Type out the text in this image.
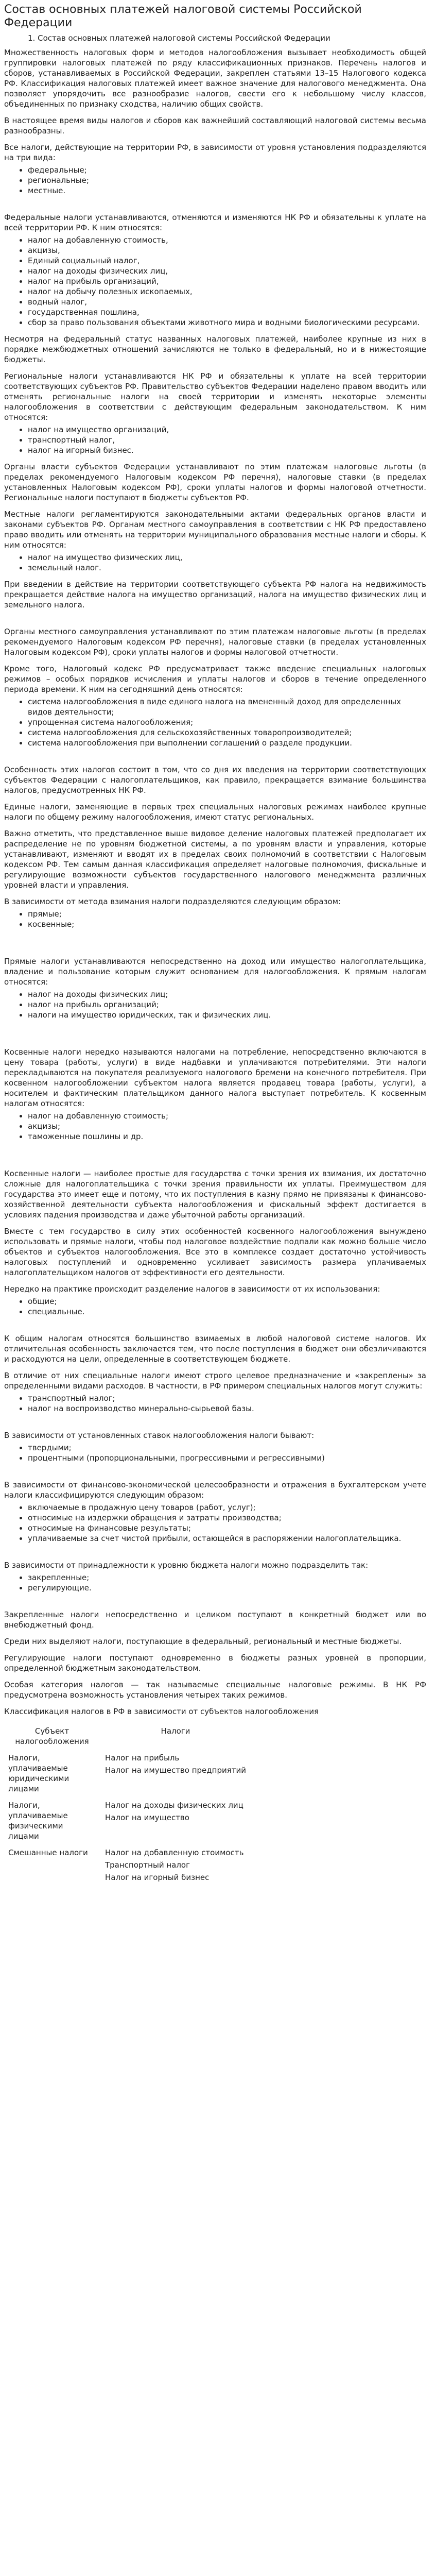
Состав основных платежей налоговой системы Российской Федерации
1. Состав основных платежей налоговой системы Российской Федерации

Множественность налоговых форм и методов налогообложения вызывает необходимость общей группировки налоговых платежей по ряду классификационных признаков. Перечень налогов и сборов, устанавливаемых в Российской Федерации, закреплен статьями 13–15 Налогового кодекса РФ. Классификация налоговых платежей имеет важное значение для налогового менеджмента. Она позволяет упорядочить все разнообразие налогов, свести его к небольшому числу классов, объединенных по признаку сходства, наличию общих свойств.

В настоящее время виды налогов и сборов как важнейший составляющий налоговой системы весьма разнообразны.

Все налоги, действующие на территории РФ, в зависимости от уровня установления подразделяются на три вида:

• федеральные;
• региональные;
• местные.

Федеральные налоги устанавливаются, отменяются и изменяются НК РФ и обязательны к уплате на всей территории РФ. К ним относятся:

• налог на добавленную стоимость,
• акцизы,
• Единый социальный налог,
• налог на доходы физических лиц,
• налог на прибыль организаций,
• налог на добычу полезных ископаемых,
• водный налог,
• государственная пошлина,
• сбор за право пользования объектами животного мира и водными биологическими ресурсами.

Несмотря на федеральный статус названных налоговых платежей, наиболее крупные из них в порядке межбюджетных отношений зачисляются не только в федеральный, но и в нижестоящие бюджеты.

Региональные налоги устанавливаются НК РФ и обязательны к уплате на всей территории соответствующих субъектов РФ. Правительство субъектов Федерации наделено правом вводить или отменять региональные налоги на своей территории и изменять некоторые элементы налогообложения в соответствии с действующим федеральным законодательством. К ним относятся:

• налог на имущество организаций,
• транспортный налог,
• налог на игорный бизнес.

Органы власти субъектов Федерации устанавливают по этим платежам налоговые льготы (в пределах рекомендуемого Налоговым кодексом РФ перечня), налоговые ставки (в пределах установленных Налоговым кодексом РФ), сроки уплаты налогов и формы налоговой отчетности. Региональные налоги поступают в бюджеты субъектов РФ.

Местные налоги регламентируются законодательными актами федеральных органов власти и законами субъектов РФ. Органам местного самоуправления в соответствии с НК РФ предоставлено право вводить или отменять на территории муниципального образования местные налоги и сборы. К ним относятся:

• налог на имущество физических лиц,
• земельный налог.

При введении в действие на территории соответствующего субъекта РФ налога на недвижимость прекращается действие налога на имущество организаций, налога на имущество физических лиц и земельного налога.

Органы местного самоуправления устанавливают по этим платежам налоговые льготы (в пределах рекомендуемого Налоговым кодексом РФ перечня), налоговые ставки (в пределах установленных Налоговым кодексом РФ), сроки уплаты налогов и формы налоговой отчетности.

Кроме того, Налоговый кодекс РФ предусматривает также введение специальных налоговых режимов – особых порядков исчисления и уплаты налогов и сборов в течение определенного периода времени. К ним на сегодняшний день относятся:

• система налогообложения в виде единого налога на вмененный доход для определенных видов деятельности;
• упрощенная система налогообложения;
• система налогообложения для сельскохозяйственных товаропроизводителей;
• система налогообложения при выполнении соглашений о разделе продукции.

Особенность этих налогов состоит в том, что со дня их введения на территории соответствующих субъектов Федерации с налогоплательщиков, как правило, прекращается взимание большинства налогов, предусмотренных НК РФ.

Единые налоги, заменяющие в первых трех специальных налоговых режимах наиболее крупные налоги по общему режиму налогообложения, имеют статус региональных.

Важно отметить, что представленное выше видовое деление налоговых платежей предполагает их распределение не по уровням бюджетной системы, а по уровням власти и управления, которые устанавливают, изменяют и вводят их в пределах своих полномочий в соответствии с Налоговым кодексом РФ. Тем самым данная классификация определяет налоговые полномочия, фискальные и регулирующие возможности субъектов государственного налогового менеджмента различных уровней власти и управления.

В зависимости от метода взимания налоги подразделяются следующим образом:

• прямые;
• косвенные;

Прямые налоги устанавливаются непосредственно на доход или имущество налогоплательщика, владение и пользование которым служит основанием для налогообложения. К прямым налогам относятся:

• налог на доходы физических лиц;
• налог на прибыль организаций;
• налоги на имущество юридических, так и физических лиц.

Косвенные налоги нередко называются налогами на потребление, непосредственно включаются в цену товара (работы, услуги) в виде надбавки и уплачиваются потребителями. Эти налоги перекладываются на покупателя реализуемого налогового бремени на конечного потребителя. При косвенном налогообложении субъектом налога является продавец товара (работы, услуги), а носителем и фактическим плательщиком данного налога выступает потребитель. К косвенным налогам относятся:

• налог на добавленную стоимость;
• акцизы;
• таможенные пошлины и др.

Косвенные налоги — наиболее простые для государства с точки зрения их взимания, их достаточно сложные для налогоплательщика с точки зрения правильности их уплаты. Преимуществом для государства это имеет еще и потому, что их поступления в казну прямо не привязаны к финансово-хозяйственной деятельности субъекта налогообложения и фискальный эффект достигается в условиях падения производства и даже убыточной работы организаций.

Вместе с тем государство в силу этих особенностей косвенного налогообложения вынуждено использовать и прямые налоги, чтобы под налоговое воздействие подпали как можно больше число объектов и субъектов налогообложения. Все это в комплексе создает достаточно устойчивость налоговых поступлений и одновременно усиливает зависимость размера уплачиваемых налогоплательщиком налогов от эффективности его деятельности.

Нередко на практике происходит разделение налогов в зависимости от их использования:

• общие;
• специальные.

К общим налогам относятся большинство взимаемых в любой налоговой системе налогов. Их отличительная особенность заключается тем, что после поступления в бюджет они обезличиваются и расходуются на цели, определенные в соответствующем бюджете.

В отличие от них специальные налоги имеют строго целевое предназначение и «закреплены» за определенными видами расходов. В частности, в РФ примером специальных налогов могут служить:

• транспортный налог;
• налог на воспроизводство минерально-сырьевой базы.

В зависимости от установленных ставок налогообложения налоги бывают:

• твердыми;
• процентными (пропорциональными, прогрессивными и регрессивными)

В зависимости от финансово-экономической целесообразности и отражения в бухгалтерском учете налоги классифицируются следующим образом:

• включаемые в продажную цену товаров (работ, услуг);
• относимые на издержки обращения и затраты производства;
• относимые на финансовые результаты;
• уплачиваемые за счет чистой прибыли, остающейся в распоряжении налогоплательщика.

В зависимости от принадлежности к уровню бюджета налоги можно подразделить так:

• закрепленные;
• регулирующие.

Закрепленные налоги непосредственно и целиком поступают в конкретный бюджет или во внебюджетный фонд.

Среди них выделяют налоги, поступающие в федеральный, региональный и местные бюджеты.

Регулирующие налоги поступают одновременно в бюджеты разных уровней в пропорции, определенной бюджетным законодательством.

Особая категория налогов — так называемые специальные налоговые режимы. В НК РФ предусмотрена возможность установления четырех таких режимов.

Классификация налогов в РФ в зависимости от субъектов налогообложения

Субъект налогообложения	Налоги
Налоги, уплачиваемые юридическими лицами	Налог на прибыль
Налог на имущество предприятий

Налоги, уплачиваемые физическими лицами	Налог на доходы физических лиц
Налог на имущество

Смешанные налоги	Налог на добавленную стоимость
Транспортный налог
Налог на игорный бизнес
